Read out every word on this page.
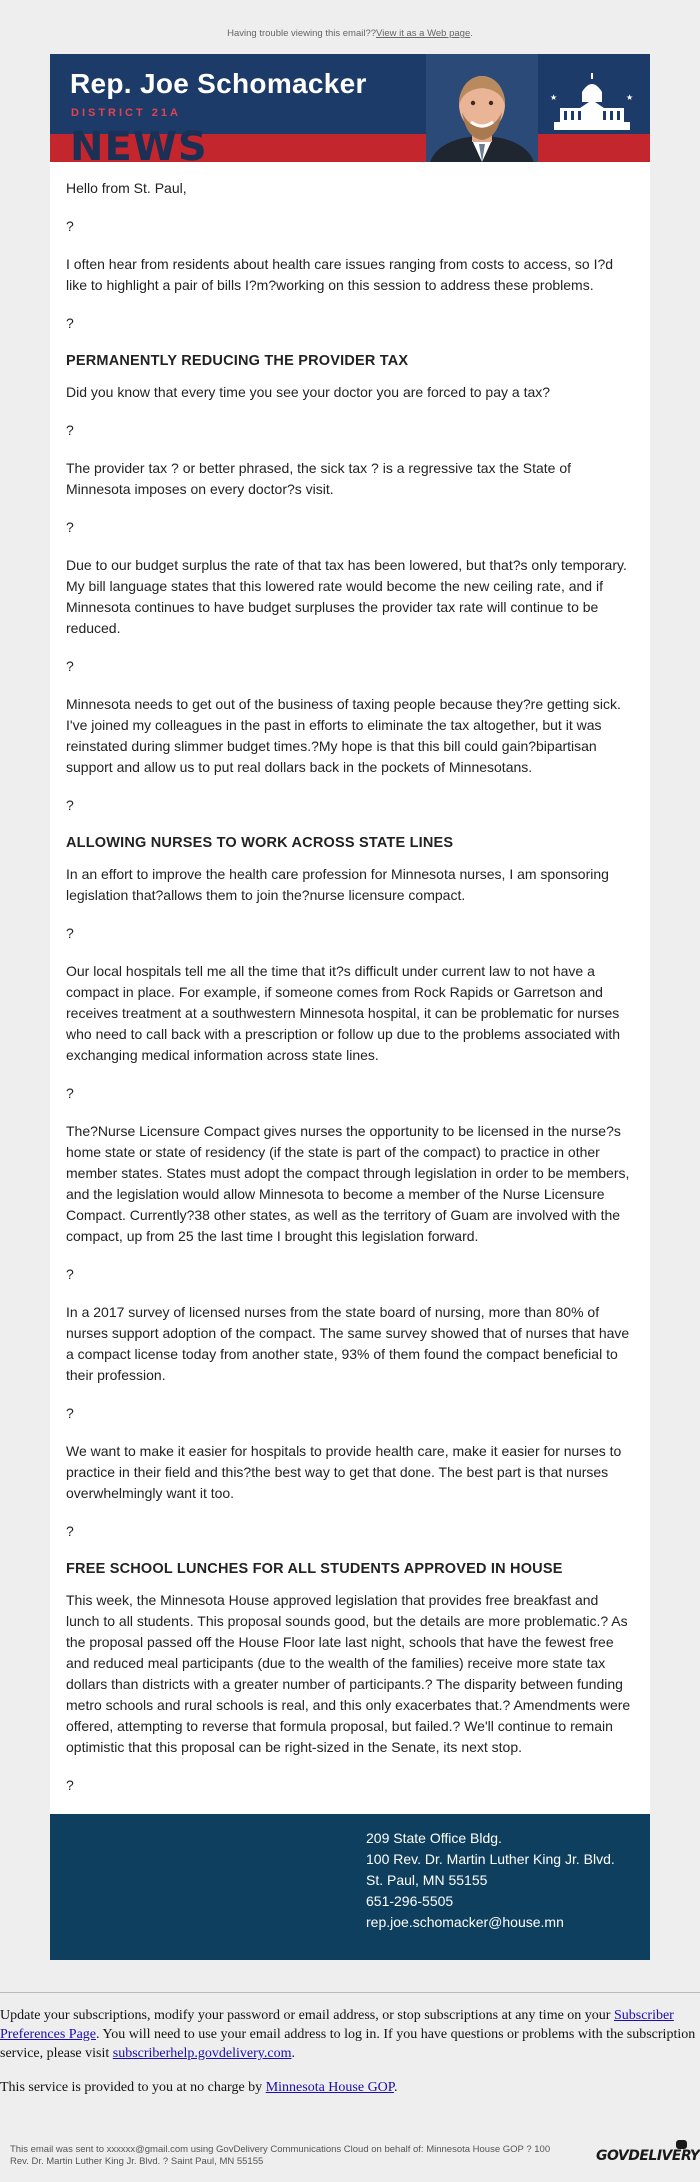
Having trouble viewing this email??View it as a Web page.
Rep. Joe Schomacker
DISTRICT 21A
NEWS
★	★

Hello from St. Paul,

?

I often hear from residents about health care issues ranging from costs to access, so I?d like to highlight a pair of bills I?m?working on this session to address these problems.

?

PERMANENTLY REDUCING THE PROVIDER TAX

Did you know that every time you see your doctor you are forced to pay a tax?

?

The provider tax ? or better phrased, the sick tax ? is a regressive tax the State of Minnesota imposes on every doctor?s visit.

?

Due to our budget surplus the rate of that tax has been lowered, but that?s only temporary. My bill language states that this lowered rate would become the new ceiling rate, and if Minnesota continues to have budget surpluses the provider tax rate will continue to be reduced.

?

Minnesota needs to get out of the business of taxing people because they?re getting sick. I've joined my colleagues in the past in efforts to eliminate the tax altogether, but it was reinstated during slimmer budget times.?My hope is that this bill could gain?bipartisan support and allow us to put real dollars back in the pockets of Minnesotans.

?

ALLOWING NURSES TO WORK ACROSS STATE LINES

In an effort to improve the health care profession for Minnesota nurses, I am sponsoring legislation that?allows them to join the?nurse licensure compact.

?

Our local hospitals tell me all the time that it?s difficult under current law to not have a compact in place. For example, if someone comes from Rock Rapids or Garretson and receives treatment at a southwestern Minnesota hospital, it can be problematic for nurses who need to call back with a prescription or follow up due to the problems associated with exchanging medical information across state lines.

?

The?Nurse Licensure Compact gives nurses the opportunity to be licensed in the nurse?s home state or state of residency (if the state is part of the compact) to practice in other member states. States must adopt the compact through legislation in order to be members, and the legislation would allow Minnesota to become a member of the Nurse Licensure Compact. Currently?38 other states, as well as the territory of Guam are involved with the compact, up from 25 the last time I brought this legislation forward.

?

In a 2017 survey of licensed nurses from the state board of nursing, more than 80% of nurses support adoption of the compact. The same survey showed that of nurses that have a compact license today from another state, 93% of them found the compact beneficial to their profession.

?

We want to make it easier for hospitals to provide health care, make it easier for nurses to practice in their field and this?the best way to get that done. The best part is that nurses overwhelmingly want it too.

?

FREE SCHOOL LUNCHES FOR ALL STUDENTS APPROVED IN HOUSE

This week, the Minnesota House approved legislation that provides free breakfast and lunch to all students. This proposal sounds good, but the details are more problematic.? As the proposal passed off the House Floor late last night, schools that have the fewest free and reduced meal participants (due to the wealth of the families) receive more state tax dollars than districts with a greater number of participants.? The disparity between funding metro schools and rural schools is real, and this only exacerbates that.? Amendments were offered, attempting to reverse that formula proposal, but failed.? We'll continue to remain optimistic that this proposal can be right-sized in the Senate, its next stop.

?

209 State Office Bldg.
100 Rev. Dr. Martin Luther King Jr. Blvd.
St. Paul, MN 55155
651-296-5505
rep.joe.schomacker@house.mn

Update your subscriptions, modify your password or email address, or stop subscriptions at any time on your Subscriber Preferences Page. You will need to use your email address to log in. If you have questions or problems with the subscription service, please visit subscriberhelp.govdelivery.com.

This service is provided to you at no charge by Minnesota House GOP.

This email was sent to xxxxxx@gmail.com using GovDelivery Communications Cloud on behalf of: Minnesota House GOP ? 100
Rev. Dr. Martin Luther King Jr. Blvd. ? Saint Paul, MN 55155	GOVDELIVERY
